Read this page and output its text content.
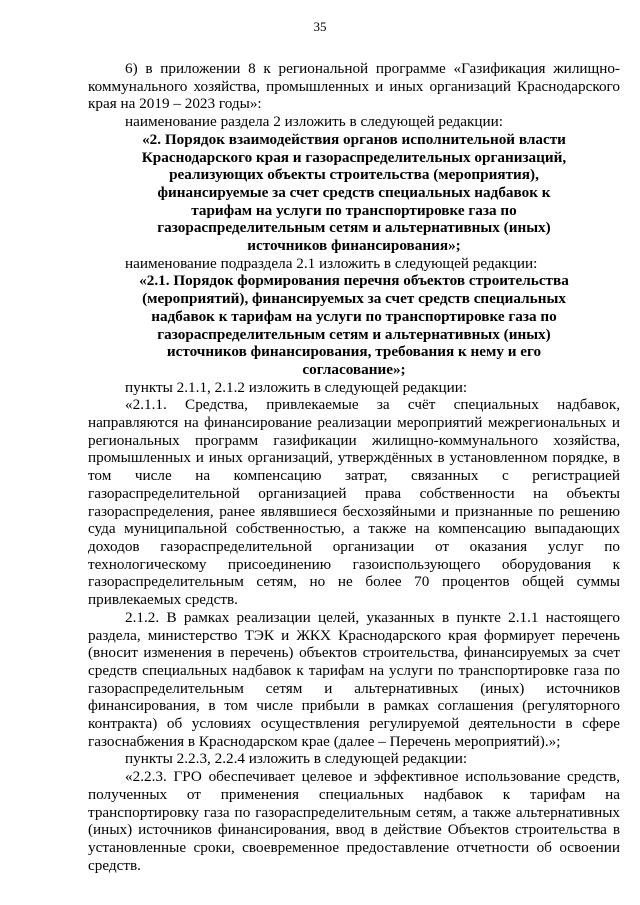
35

6) в приложении 8 к региональной программе «Газификация жилищно-коммунального хозяйства, промышленных и иных организаций Краснодарского края на 2019 – 2023 годы»:

наименование раздела 2 изложить в следующей редакции:

«2. Порядок взаимодействия органов исполнительной власти Краснодарского края и газораспределительных организаций, реализующих объекты строительства (мероприятия), финансируемые за счет средств специальных надбавок к тарифам на услуги по транспортировке газа по газораспределительным сетям и альтернативных (иных) источников финансирования»;

наименование подраздела 2.1 изложить в следующей редакции:

«2.1. Порядок формирования перечня объектов строительства (мероприятий), финансируемых за счет средств специальных надбавок к тарифам на услуги по транспортировке газа по газораспределительным сетям и альтернативных (иных) источников финансирования, требования к нему и его согласование»;

пункты 2.1.1, 2.1.2 изложить в следующей редакции:

«2.1.1. Средства, привлекаемые за счёт специальных надбавок, направляются на финансирование реализации мероприятий межрегиональных и региональных программ газификации жилищно-коммунального хозяйства, промышленных и иных организаций, утверждённых в установленном порядке, в том числе на компенсацию затрат, связанных с регистрацией газораспределительной организацией права собственности на объекты газораспределения, ранее являвшиеся бесхозяйными и признанные по решению суда муниципальной собственностью, а также на компенсацию выпадающих доходов газораспределительной организации от оказания услуг по технологическому присоединению газоиспользующего оборудования к газораспределительным сетям, но не более 70 процентов общей суммы привлекаемых средств.

2.1.2. В рамках реализации целей, указанных в пункте 2.1.1 настоящего раздела, министерство ТЭК и ЖКХ Краснодарского края формирует перечень (вносит изменения в перечень) объектов строительства, финансируемых за счет средств специальных надбавок к тарифам на услуги по транспортировке газа по газораспределительным сетям и альтернативных (иных) источников финансирования, в том числе прибыли в рамках соглашения (регуляторного контракта) об условиях осуществления регулируемой деятельности в сфере газоснабжения в Краснодарском крае (далее – Перечень мероприятий).»;

пункты 2.2.3, 2.2.4 изложить в следующей редакции:

«2.2.3. ГРО обеспечивает целевое и эффективное использование средств, полученных от применения специальных надбавок к тарифам на транспортировку газа по газораспределительным сетям, а также альтернативных (иных) источников финансирования, ввод в действие Объектов строительства в установленные сроки, своевременное предоставление отчетности об освоении средств.
